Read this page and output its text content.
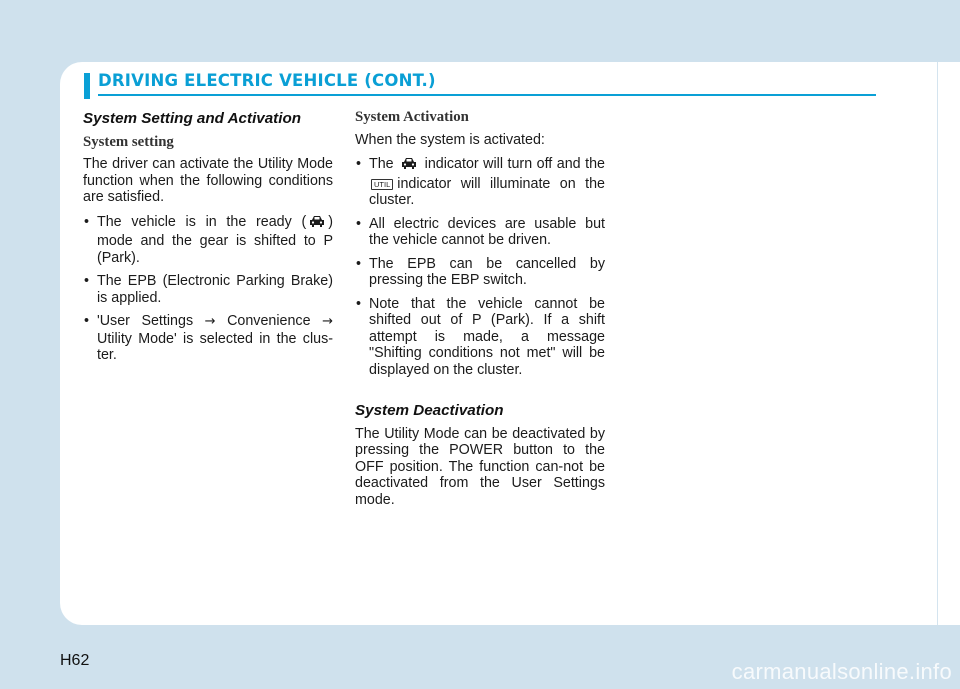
DRIVING ELECTRIC VEHICLE (CONT.)
System Setting and Activation
System setting

The driver can activate the Utility Mode function when the following conditions are satisfied.

• The vehicle is in the ready ( ) mode and the gear is shifted to P (Park).
• The EPB (Electronic Parking Brake) is applied.
• 'User Settings → Convenience → Utility Mode' is selected in the clus-ter.
System Activation

When the system is activated:

• The indicator will turn off and the UTIL indicator will illuminate on the cluster.
• All electric devices are usable but the vehicle cannot be driven.
• The EPB can be cancelled by pressing the EBP switch.
• Note that the vehicle cannot be shifted out of P (Park). If a shift attempt is made, a message "Shifting conditions not met" will be displayed on the cluster.
System Deactivation

The Utility Mode can be deactivated by pressing the POWER button to the OFF position. The function can-not be deactivated from the User Settings mode.

H62	carmanualsonline.info
